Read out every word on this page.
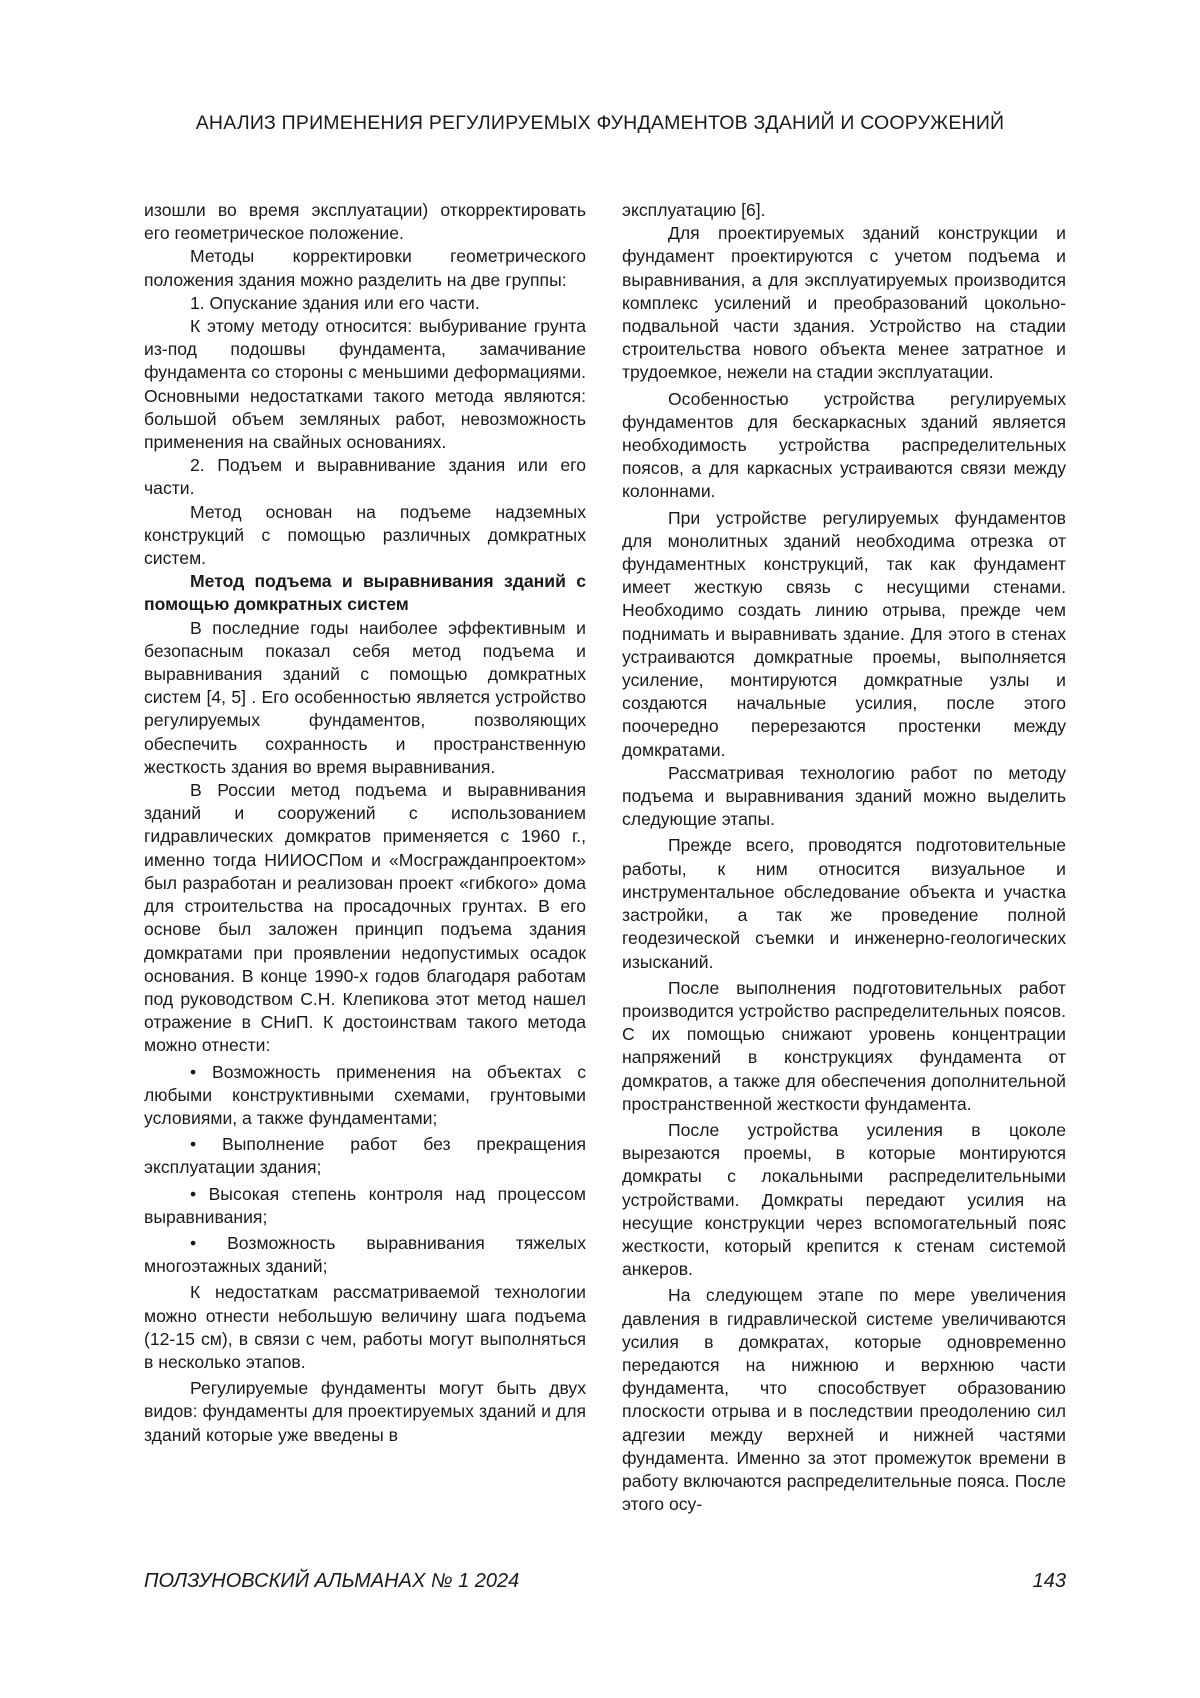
АНАЛИЗ ПРИМЕНЕНИЯ РЕГУЛИРУЕМЫХ ФУНДАМЕНТОВ ЗДАНИЙ И СООРУЖЕНИЙ

изошли во время эксплуатации) откорректировать его геометрическое положение.

Методы корректировки геометрического положения здания можно разделить на две группы:

1. Опускание здания или его части.

К этому методу относится: выбуривание грунта из-под подошвы фундамента, замачивание фундамента со стороны с меньшими деформациями. Основными недостатками такого метода являются: большой объем земляных работ, невозможность применения на свайных основаниях.

2. Подъем и выравнивание здания или его части.

Метод основан на подъеме надземных конструкций с помощью различных домкратных систем.

Метод подъема и выравнивания зданий с помощью домкратных систем

В последние годы наиболее эффективным и безопасным показал себя метод подъема и выравнивания зданий с помощью домкратных систем [4, 5] . Его особенностью является устройство регулируемых фундаментов, позволяющих обеспечить сохранность и пространственную жесткость здания во время выравнивания.

В России метод подъема и выравнивания зданий и сооружений с использованием гидравлических домкратов применяется с 1960 г., именно тогда НИИОСПом и «Мосгражданпроектом» был разработан и реализован проект «гибкого» дома для строительства на просадочных грунтах. В его основе был заложен принцип подъема здания домкратами при проявлении недопустимых осадок основания. В конце 1990-х годов благодаря работам под руководством С.Н. Клепикова этот метод нашел отражение в СНиП. К достоинствам такого метода можно отнести:

• Возможность применения на объектах с любыми конструктивными схемами, грунтовыми условиями, а также фундаментами;

• Выполнение работ без прекращения эксплуатации здания;

• Высокая степень контроля над процессом выравнивания;

• Возможность выравнивания тяжелых многоэтажных зданий;

К недостаткам рассматриваемой технологии можно отнести небольшую величину шага подъема (12-15 см), в связи с чем, работы могут выполняться в несколько этапов.

Регулируемые фундаменты могут быть двух видов: фундаменты для проектируемых зданий и для зданий которые уже введены в

эксплуатацию [6].

Для проектируемых зданий конструкции и фундамент проектируются с учетом подъема и выравнивания, а для эксплуатируемых производится комплекс усилений и преобразований цокольно-подвальной части здания. Устройство на стадии строительства нового объекта менее затратное и трудоемкое, нежели на стадии эксплуатации.

Особенностью устройства регулируемых фундаментов для бескаркасных зданий является необходимость устройства распределительных поясов, а для каркасных устраиваются связи между колоннами.

При устройстве регулируемых фундаментов для монолитных зданий необходима отрезка от фундаментных конструкций, так как фундамент имеет жесткую связь с несущими стенами. Необходимо создать линию отрыва, прежде чем поднимать и выравнивать здание. Для этого в стенах устраиваются домкратные проемы, выполняется усиление, монтируются домкратные узлы и создаются начальные усилия, после этого поочередно перерезаются простенки между домкратами.

Рассматривая технологию работ по методу подъема и выравнивания зданий можно выделить следующие этапы.

Прежде всего, проводятся подготовительные работы, к ним относится визуальное и инструментальное обследование объекта и участка застройки, а так же проведение полной геодезической съемки и инженерно-геологических изысканий.

После выполнения подготовительных работ производится устройство распределительных поясов. С их помощью снижают уровень концентрации напряжений в конструкциях фундамента от домкратов, а также для обеспечения дополнительной пространственной жесткости фундамента.

После устройства усиления в цоколе вырезаются проемы, в которые монтируются домкраты с локальными распределительными устройствами. Домкраты передают усилия на несущие конструкции через вспомогательный пояс жесткости, который крепится к стенам системой анкеров.

На следующем этапе по мере увеличения давления в гидравлической системе увеличиваются усилия в домкратах, которые одновременно передаются на нижнюю и верхнюю части фундамента, что способствует образованию плоскости отрыва и в последствии преодолению сил адгезии между верхней и нижней частями фундамента. Именно за этот промежуток времени в работу включаются распределительные пояса. После этого осу-

ПОЛЗУНОВСКИЙ АЛЬМАНАХ № 1 2024	143
